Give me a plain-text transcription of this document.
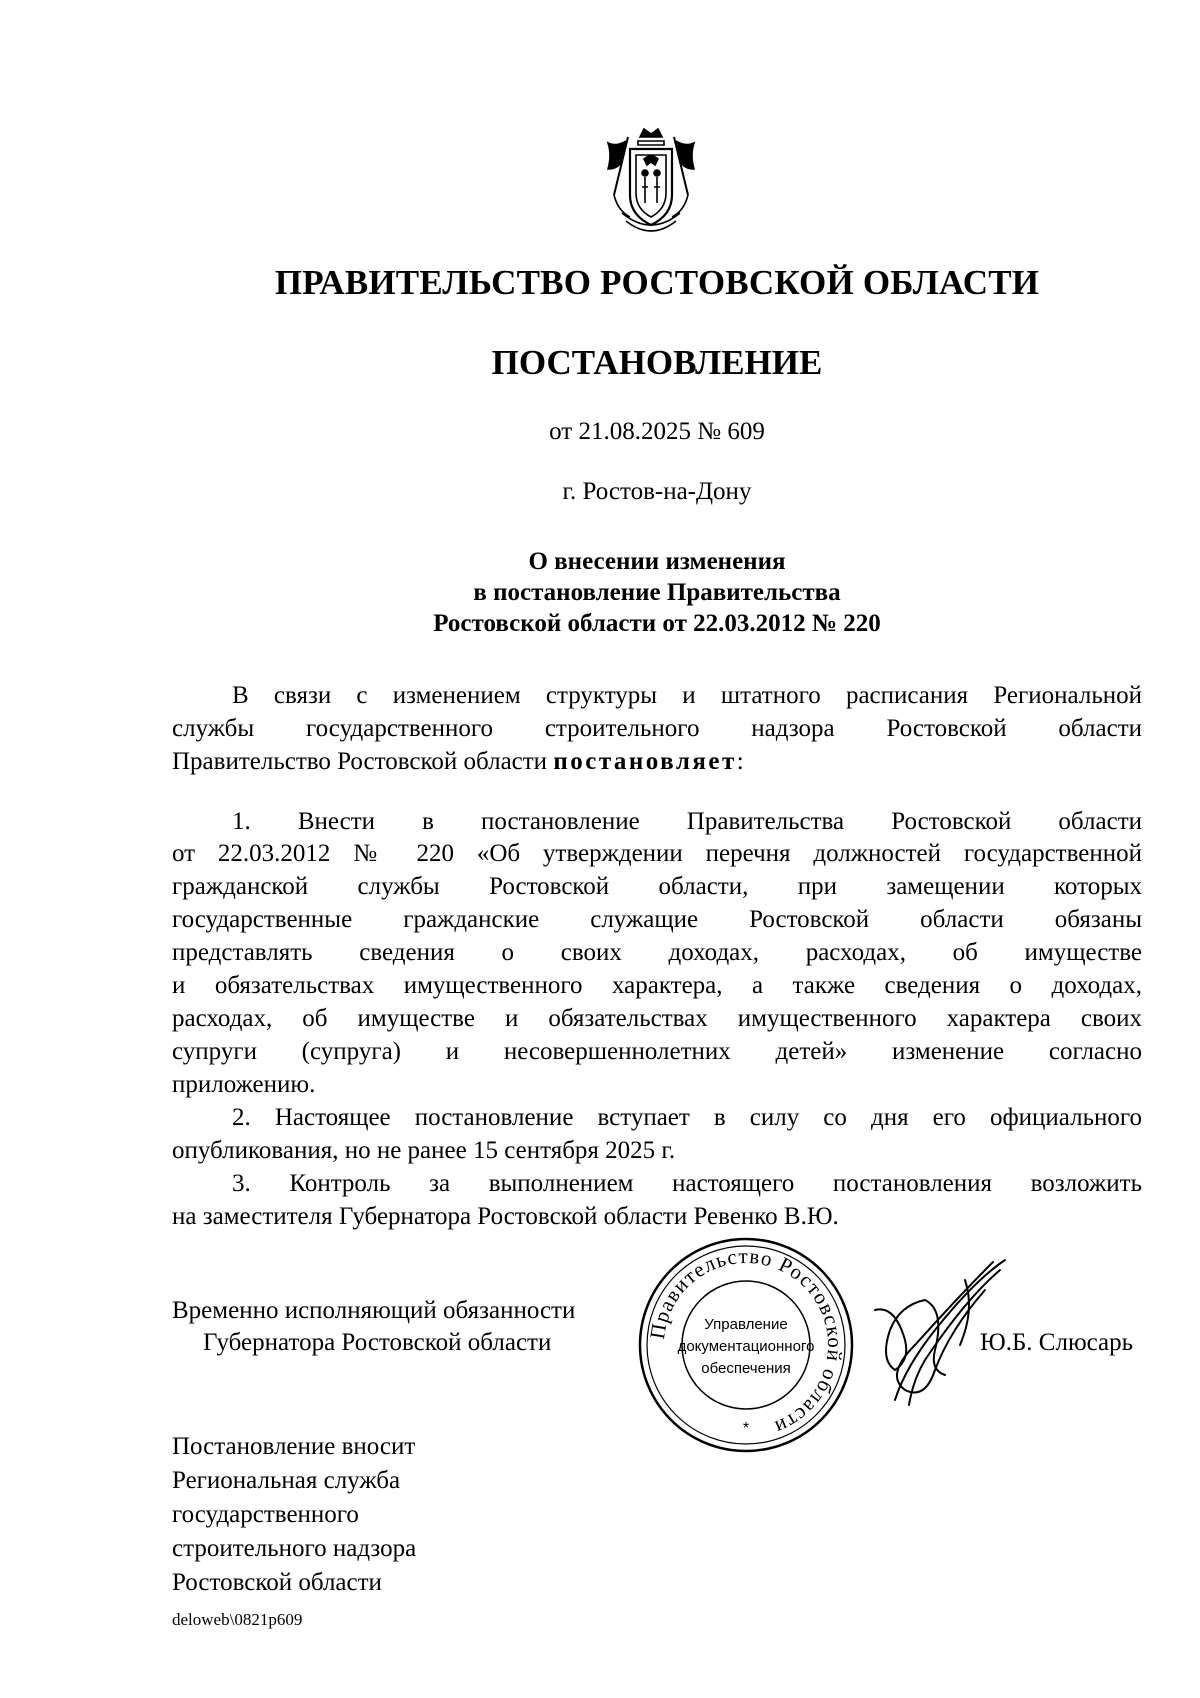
ПРАВИТЕЛЬСТВО РОСТОВСКОЙ ОБЛАСТИ
ПОСТАНОВЛЕНИЕ
от 21.08.2025 № 609
г. Ростов-на-Дону
О внесении изменения
в постановление Правительства
Ростовской области от 22.03.2012 № 220
В связи с изменением структуры и штатного расписания Региональной
службы государственного строительного надзора Ростовской области
Правительство Ростовской области постановляет:
1. Внести в постановление Правительства Ростовской области
от 22.03.2012 № 220 «Об утверждении перечня должностей государственной
гражданской службы Ростовской области, при замещении которых
государственные гражданские служащие Ростовской области обязаны
представлять сведения о своих доходах, расходах, об имуществе
и обязательствах имущественного характера, а также сведения о доходах,
расходах, об имуществе и обязательствах имущественного характера своих
супруги (супруга) и несовершеннолетних детей» изменение согласно
приложению.
2. Настоящее постановление вступает в силу со дня его официального
опубликования, но не ранее 15 сентября 2025 г.
3. Контроль за выполнением настоящего постановления возложить
на заместителя Губернатора Ростовской области Ревенко В.Ю.
Временно исполняющий обязанности
Губернатора Ростовской области	Правительство Ростовской области
Управление
документационного
обеспечения
*
Ю.Б. Слюсарь
Постановление вносит
Региональная служба
государственного
строительного надзора
Ростовской области
deloweb\0821p609
